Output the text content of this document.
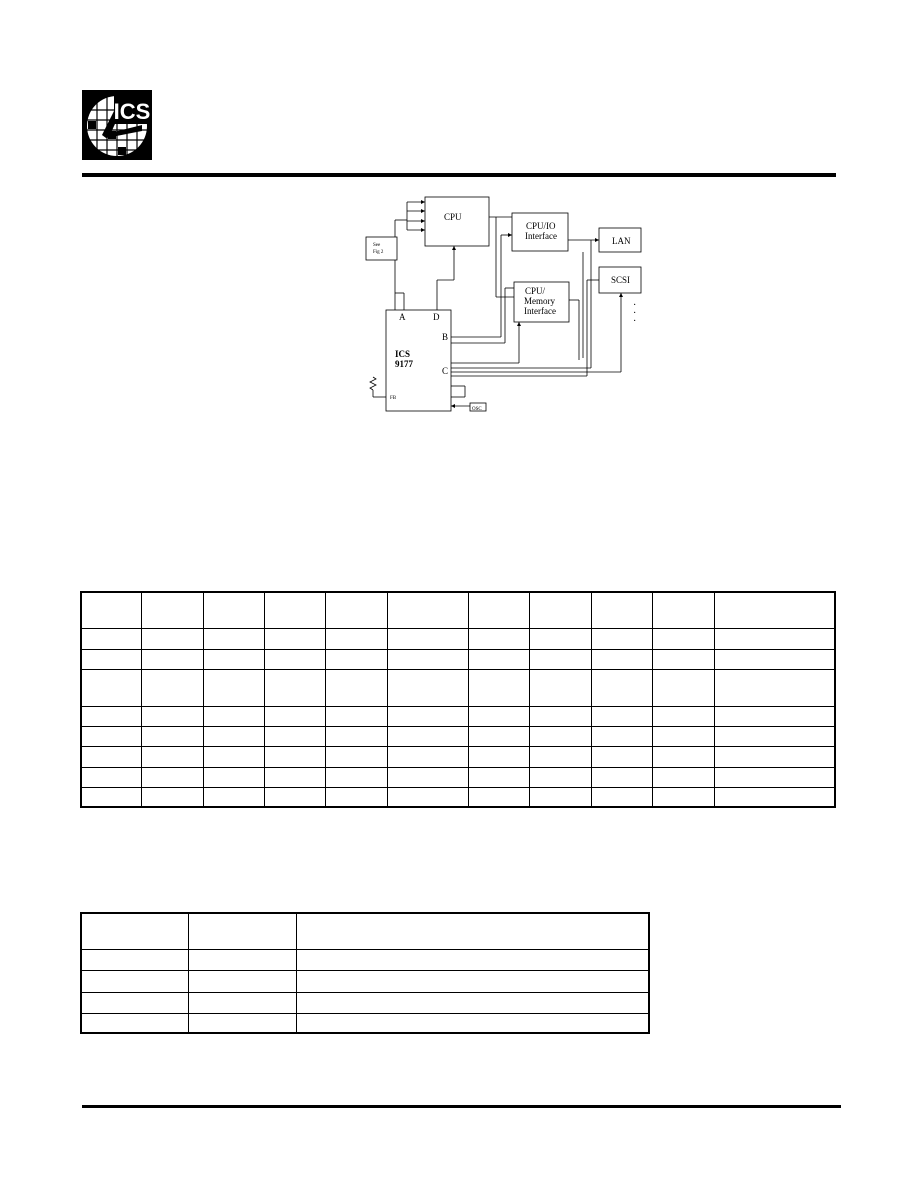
ICS
CPU
CPU/IO
Interface	LAN
SCSI
CPU/
Memory
Interface
A	D
B
C
ICS
9177
See
Fig 2
FB
OSC
·
·
·
